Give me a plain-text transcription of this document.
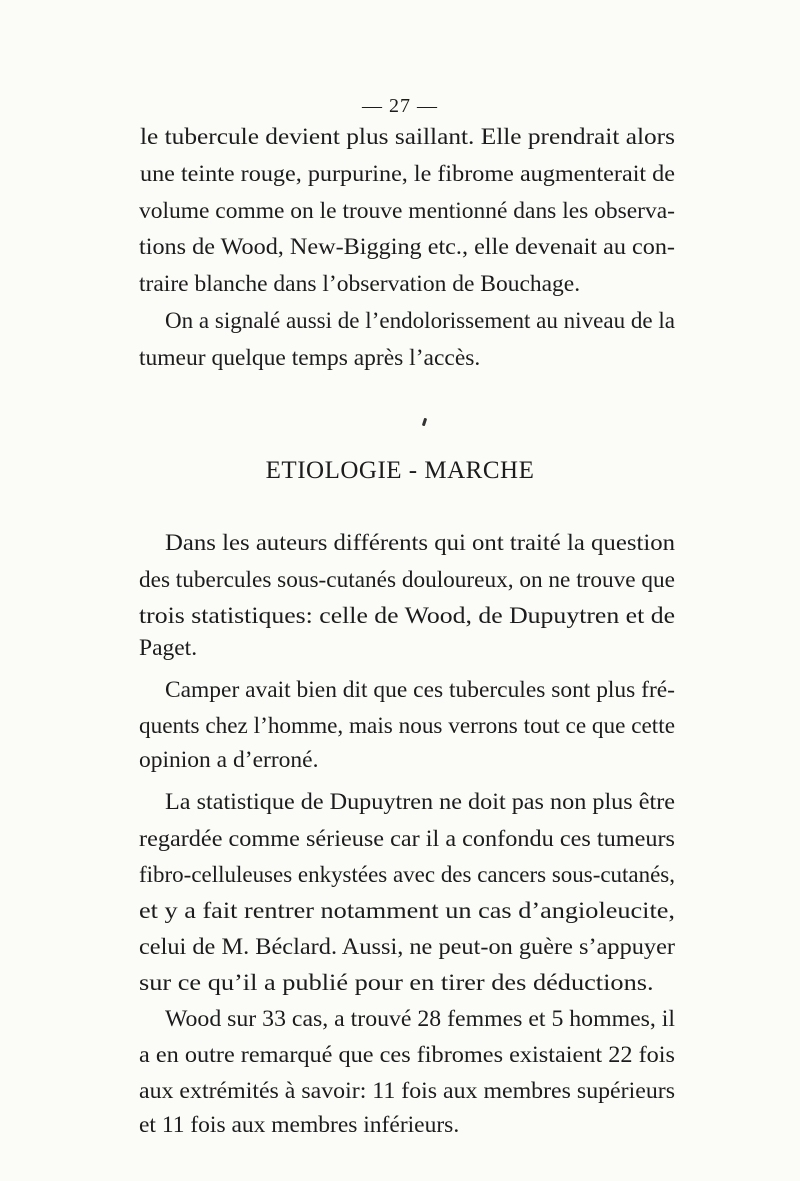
— 27 —
le tubercule devient plus saillant. Elle prendrait alors
une teinte rouge, purpurine, le fibrome augmenterait de
volume comme on le trouve mentionné dans les observa-
tions de Wood, New-Bigging etc., elle devenait au con-
traire blanche dans l’observation de Bouchage.
On a signalé aussi de l’endolorissement au niveau de la
tumeur quelque temps après l’accès.
ETIOLOGIE - MARCHE
Dans les auteurs différents qui ont traité la question
des tubercules sous-cutanés douloureux, on ne trouve que
trois statistiques: celle de Wood, de Dupuytren et de
Paget.
Camper avait bien dit que ces tubercules sont plus fré-
quents chez l’homme, mais nous verrons tout ce que cette
opinion a d’erroné.
La statistique de Dupuytren ne doit pas non plus être
regardée comme sérieuse car il a confondu ces tumeurs
fibro-celluleuses enkystées avec des cancers sous-cutanés,
et y a fait rentrer notamment un cas d’angioleucite,
celui de M. Béclard. Aussi, ne peut-on guère s’appuyer
sur ce qu’il a publié pour en tirer des déductions.
Wood sur 33 cas, a trouvé 28 femmes et 5 hommes, il
a en outre remarqué que ces fibromes existaient 22 fois
aux extrémités à savoir: 11 fois aux membres supérieurs
et 11 fois aux membres inférieurs.
